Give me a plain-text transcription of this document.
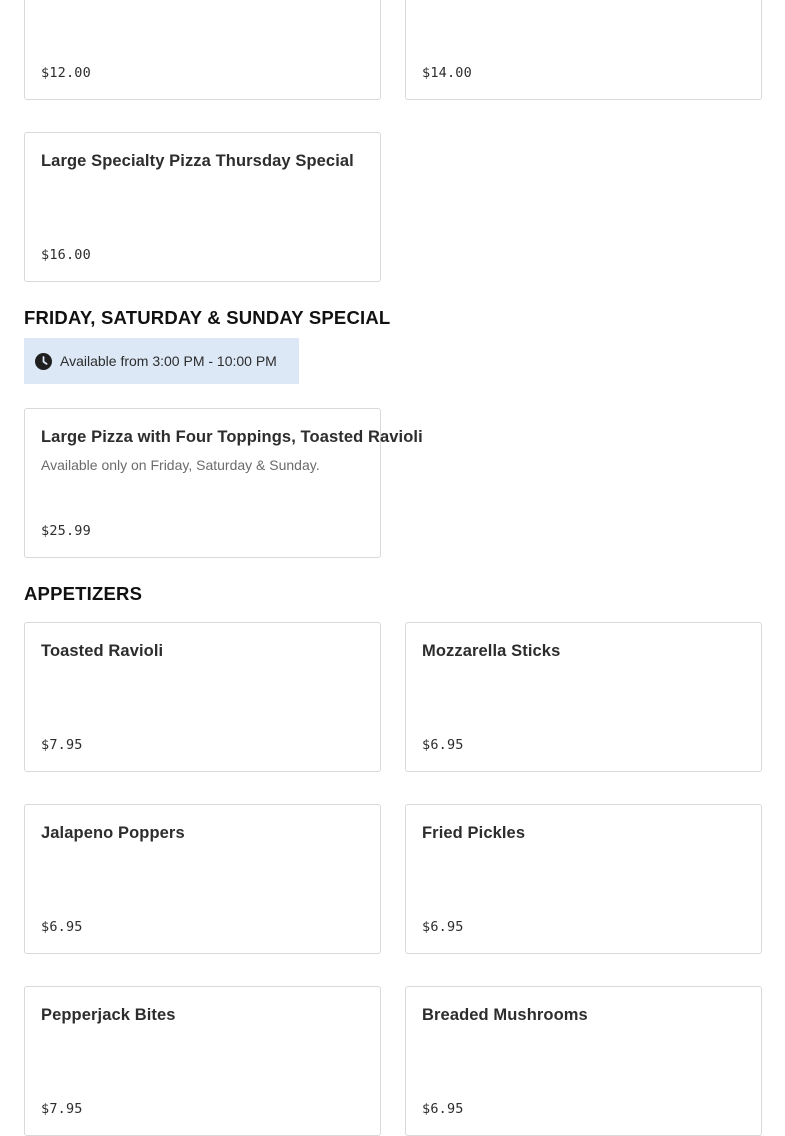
$12.00	$14.00
Large Specialty Pizza Thursday Special
$16.00
FRIDAY, SATURDAY & SUNDAY SPECIAL
Available from 3:00 PM - 10:00 PM
Large Pizza with Four Toppings, Toasted Ravioli
Available only on Friday, Saturday & Sunday.
$25.99
APPETIZERS
Toasted Ravioli
$7.95
Mozzarella Sticks
$6.95
Jalapeno Poppers
$6.95
Fried Pickles
$6.95
Pepperjack Bites
$7.95
Breaded Mushrooms
$6.95
